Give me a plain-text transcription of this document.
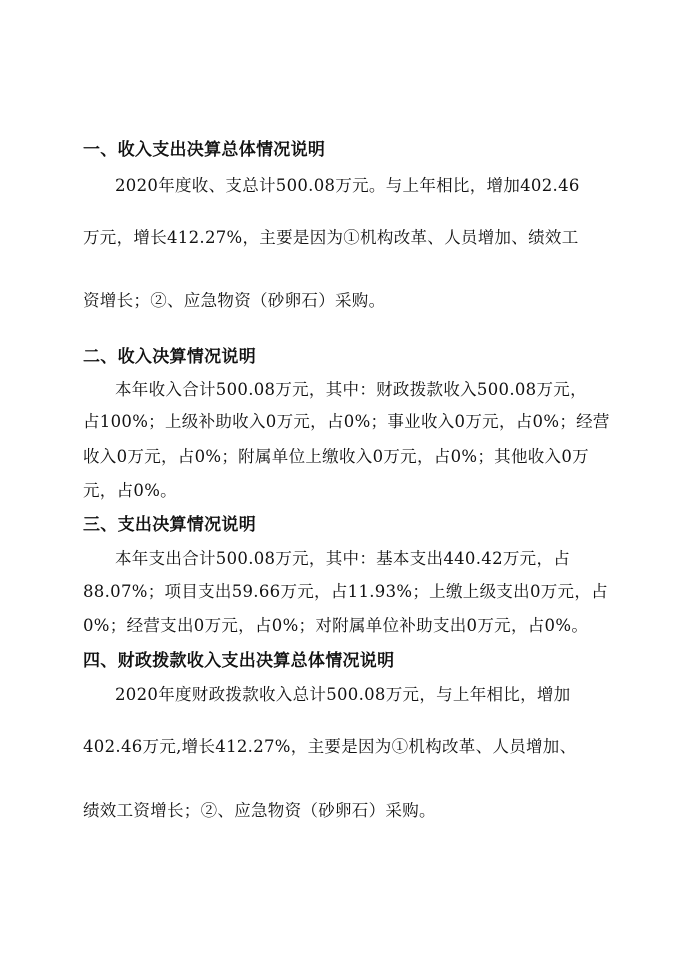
一、收入支出决算总体情况说明
2020年度收、支总计500.08万元。与上年相比，增加402.46
万元，增长412.27%，主要是因为①机构改革、人员增加、绩效工
资增长；②、应急物资（砂卵石）采购。
二、收入决算情况说明
本年收入合计500.08万元，其中：财政拨款收入500.08万元，
占100%；上级补助收入0万元，占0%；事业收入0万元，占0%；经营
收入0万元，占0%；附属单位上缴收入0万元，占0%；其他收入0万
元，占0%。
三、支出决算情况说明
本年支出合计500.08万元，其中：基本支出440.42万元，占
88.07%；项目支出59.66万元，占11.93%；上缴上级支出0万元，占
0%；经营支出0万元，占0%；对附属单位补助支出0万元，占0%。
四、财政拨款收入支出决算总体情况说明
2020年度财政拨款收入总计500.08万元，与上年相比，增加
402.46万元,增长412.27%，主要是因为①机构改革、人员增加、
绩效工资增长；②、应急物资（砂卵石）采购。
